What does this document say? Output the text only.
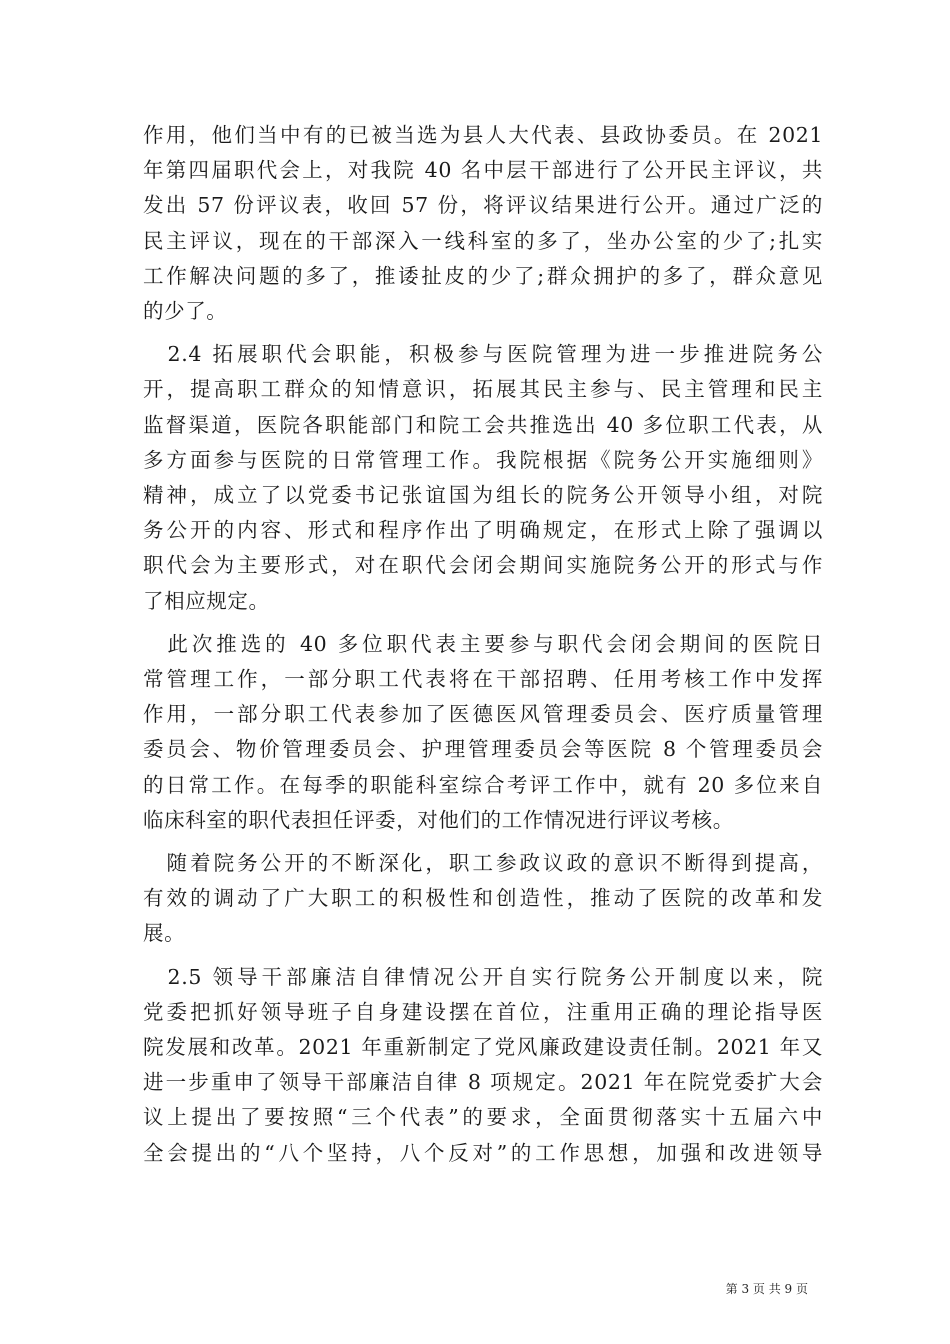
作用，他们当中有的已被当选为县人大代表、县政协委员。在 2021
年第四届职代会上，对我院 40 名中层干部进行了公开民主评议，共
发出 57 份评议表，收回 57 份，将评议结果进行公开。通过广泛的
民主评议，现在的干部深入一线科室的多了，坐办公室的少了;扎实
工作解决问题的多了，推诿扯皮的少了;群众拥护的多了，群众意见
的少了。

　2.4 拓展职代会职能，积极参与医院管理为进一步推进院务公
开，提高职工群众的知情意识，拓展其民主参与、民主管理和民主
监督渠道，医院各职能部门和院工会共推选出 40 多位职工代表，从
多方面参与医院的日常管理工作。我院根据《院务公开实施细则》
精神，成立了以党委书记张谊国为组长的院务公开领导小组，对院
务公开的内容、形式和程序作出了明确规定，在形式上除了强调以
职代会为主要形式，对在职代会闭会期间实施院务公开的形式与作
了相应规定。

　此次推选的 40 多位职代表主要参与职代会闭会期间的医院日
常管理工作，一部分职工代表将在干部招聘、任用考核工作中发挥
作用，一部分职工代表参加了医德医风管理委员会、医疗质量管理
委员会、物价管理委员会、护理管理委员会等医院 8 个管理委员会
的日常工作。在每季的职能科室综合考评工作中，就有 20 多位来自
临床科室的职代表担任评委，对他们的工作情况进行评议考核。

　随着院务公开的不断深化，职工参政议政的意识不断得到提高，
有效的调动了广大职工的积极性和创造性，推动了医院的改革和发
展。

　2.5 领导干部廉洁自律情况公开自实行院务公开制度以来，院
党委把抓好领导班子自身建设摆在首位，注重用正确的理论指导医
院发展和改革。2021 年重新制定了党风廉政建设责任制。2021 年又
进一步重申了领导干部廉洁自律 8 项规定。2021 年在院党委扩大会
议上提出了要按照“三个代表”的要求，全面贯彻落实十五届六中
全会提出的“八个坚持，八个反对”的工作思想，加强和改进领导

第 3 页 共 9 页
